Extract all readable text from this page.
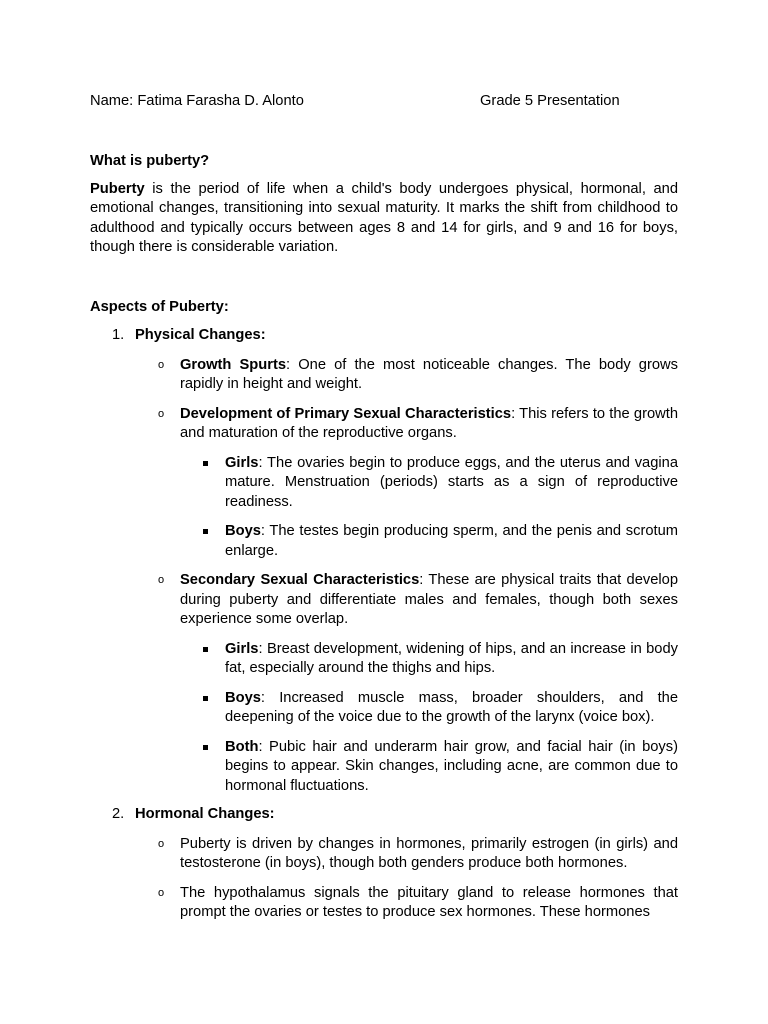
Name: Fatima Farasha D. Alonto	Grade 5 Presentation

What is puberty?

Puberty is the period of life when a child's body undergoes physical, hormonal, and emotional changes, transitioning into sexual maturity. It marks the shift from childhood to adulthood and typically occurs between ages 8 and 14 for girls, and 9 and 16 for boys, though there is considerable variation.

Aspects of Puberty:

1. Physical Changes:
o Growth Spurts: One of the most noticeable changes. The body grows rapidly in height and weight.
o Development of Primary Sexual Characteristics: This refers to the growth and maturation of the reproductive organs.
Girls: The ovaries begin to produce eggs, and the uterus and vagina mature. Menstruation (periods) starts as a sign of reproductive readiness.
Boys: The testes begin producing sperm, and the penis and scrotum enlarge.
o Secondary Sexual Characteristics: These are physical traits that develop during puberty and differentiate males and females, though both sexes experience some overlap.
Girls: Breast development, widening of hips, and an increase in body fat, especially around the thighs and hips.
Boys: Increased muscle mass, broader shoulders, and the deepening of the voice due to the growth of the larynx (voice box).
Both: Pubic hair and underarm hair grow, and facial hair (in boys) begins to appear. Skin changes, including acne, are common due to hormonal fluctuations.
2. Hormonal Changes:
o Puberty is driven by changes in hormones, primarily estrogen (in girls) and testosterone (in boys), though both genders produce both hormones.
o The hypothalamus signals the pituitary gland to release hormones that prompt the ovaries or testes to produce sex hormones. These hormones
